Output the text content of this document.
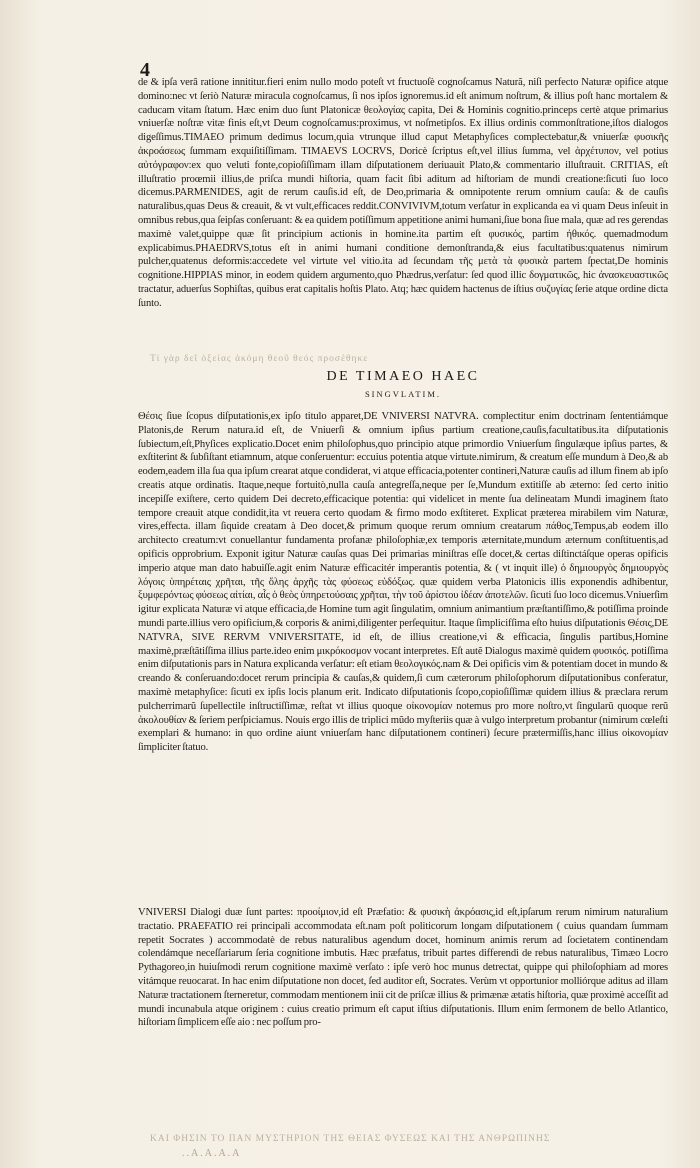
4

de & ipſa verâ ratione innititur.fieri enim nullo modo poteſt vt fructuoſè cognoſcamus Naturã, niſi perfecto Naturæ opifice atque domino:nec vt ſeriò Naturæ miracula cognoſcamus, ſi nos ipſos ignoremus.id eſt animum noſtrum, & illius poſt hanc mortalem & caducam vitam ſtatum. Hæc enim duo ſunt Platonicæ θεολογίας capita, Dei & Hominis cognitio.princeps certè atque primarius vniuerſæ noſtræ vitæ finis eſt,vt Deum cognoſcamus:proximus, vt noſmetipſos. Ex illius ordinis commonſtratione,iſtos dialogos digeſſimus.TIMAEO primum dedimus locum,quia vtrunque illud caput Metaphyſices complectebatur,& vniuerſæ φυσικῆς ἀκροάσεως ſummam exquiſitiſſimam. TIMAEVS LOCRVS, Doricè ſcriptus eſt,vel illius ſumma, vel ἀρχέτυπον, vel potius αὐτόγραφον:ex quo veluti fonte,copioſiſſimam illam diſputationem deriuauit Plato,& commentario illuſtrauit. CRITIAS, eſt illuſtratio proœmii illius,de priſca mundi hiſtoria, quam facit ſibi aditum ad hiſtoriam de mundi creatione:ſicuti ſuo loco dicemus.PARMENIDES, agit de rerum cauſis.id eſt, de Deo,primaria & omnipotente rerum omnium cauſa: & de cauſis naturalibus,quas Deus & creauit, & vt vult,efficaces reddit.CONVIVIVM,totum verſatur in explicanda ea vi quam Deus inſeuit in omnibus rebus,qua ſeipſas conſeruant: & ea quidem potiſſimum appetitione animi humani,ſiue bona ſiue mala, quæ ad res gerendas maximè valet,quippe quæ ſit principium actionis in homine.ita partim eſt φυσικός, partim ἠθικός. quemadmodum explicabimus.PHAEDRVS,totus eſt in animi humani conditione demonſtranda,& eius facultatibus:quatenus nimirum pulcher,quatenus deformis:accedete vel virtute vel vitio.ita ad ſecundam τῆς μετὰ τὰ φυσικὰ partem ſpectat,De hominis cognitione.HIPPIAS minor, in eodem quidem argumento,quo Phædrus,verſatur: ſed quod illic δογματικῶς, hic ἀνασκευαστικῶς tractatur, aduerſus Sophiſtas, quibus erat capitalis hoſtis Plato. Atq; hæc quidem hactenus de iſtius συζυγίας ſerie atque ordine dicta ſunto.

Τί γὰρ δεῖ ὀξείας ἀκόμη θεοῦ θεός προσέθηκε

DE TIMAEO HAEC

SINGVLATIM.

Θέσις ſiue ſcopus diſputationis,ex ipſo titulo apparet,DE VNIVERSI NATVRA. complectitur enim doctrinam ſententiámque Platonis,de Rerum natura.id eſt, de Vniuerſi & omnium ipſius partium creatione,cauſis,facultatibus.ita diſputationis ſubiectum,eſt,Phyſices explicatio.Docet enim philoſophus,quo principio atque primordio Vniuerſum ſingulæque ipſius partes, & exſtiterint & ſubſiſtant etiamnum, atque conſeruentur: eccuius potentia atque virtute.nimirum, & creatum eſſe mundum à Deo,& ab eodem,eadem illa ſua qua ipſum crearat atque condiderat, vi atque efficacia,potenter contineri,Naturæ cauſis ad illum finem ab ipſo creatis atque ordinatis. Itaque,neque fortuitò,nulla cauſa antegreſſa,neque per ſe,Mundum extitiſſe ab æterno: ſed certo initio incepiſſe exiſtere, certo quidem Dei decreto,efficacique potentia: qui videlicet in mente ſua delineatam Mundi imaginem ſtato tempore creauit atque condidit,ita vt reuera certo quodam & firmo modo exſtiteret. Explicat præterea mirabilem vim Naturæ, vires,effecta. illam ſiquide creatam à Deo docet,& primum quoque rerum omnium creatarum πάθος,Tempus,ab eodem illo architecto creatum:vt conuellantur fundamenta profanæ philoſophiæ,ex temporis æternitate,mundum æternum conſtituentis,ad opificis opprobrium. Exponit igitur Naturæ cauſas quas Dei primarias miniſtras eſſe docet,& certas diſtinctáſque operas opificis imperio atque man dato habuiſſe.agit enim Naturæ efficacitér imperantis potentia, & ( vt inquit ille) ὁ δημιουργὸς δημιουργὸς λόγοις ὑπηρέταις χρῆται, τῆς ὅλης ἀρχῆς τὰς φύσεως εὐδόξως. quæ quidem verba Platonicis illis exponendis adhibentur, ξυμφερόντως φύσεως αἰτίαι, αἷς ὁ θεὸς ὑπηρετούσαις χρῆται, τὴν τοῦ ἀρίστου ἰδέαν ἀποτελῶν. ſicuti ſuo loco dicemus.Vniuerſim igitur explicata Naturæ vi atque efficacia,de Homine tum agit ſingulatim, omnium animantium præſtantiſſimo,& potiſſima proinde mundi parte.illius vero opificium,& corporis & animi,diligenter perſequitur. Itaque ſimplicifſima eſto huius diſputationis Θέσις,DE NATVRA, SIVE RERVM VNIVERSITATE, id eſt, de illius creatione,vi & efficacia, ſingulis partibus,Homine maximè,præſtãtiſſima illius parte.ideo enim μικρόκοσμον vocant interpretes. Eſt autẽ Dialogus maximè quidem φυσικός. potiſſima enim diſputationis pars in Natura explicanda verſatur: eſt etiam θεολογικός.nam & Dei opificis vim & potentiam docet in mundo & creando & conſeruando:docet rerum principia & cauſas,& quidem,ſi cum cæterorum philoſophorum diſputationibus conferatur, maximè metaphyſice: ſicuti ex ipſis locis planum erit. Indicato diſputationis ſcopo,copioſiſſimæ quidem illius & præclara rerum pulcherrimarũ ſupellectile inſtructiſſimæ, reſtat vt illius quoque οἰκονομίαν notemus pro more noſtro,vt ſingularũ quoque rerũ ἀκολουθίαν & ſeriem perſpiciamus. Nouis ergo illis de triplici mũdo myſteriis quæ à vulgo interpretum probantur (nimirum cœleſti exemplari & humano: in quo ordine aiunt vniuerſam hanc diſputationem contineri) ſecure prætermiſſis,hanc illius οἰκονομίαν ſimpliciter ſtatuo.

VNIVERSI Dialogi duæ ſunt partes: προοίμιον,id eſt Præfatio: & φυσικὴ ἀκρόασις,id eſt,ipſarum rerum nimirum naturalium tractatio. PRAEFATIO rei principali accommodata eſt.nam poſt politicorum longam diſputationem ( cuius quandam ſummam repetit Socrates ) accommodatè de rebus naturalibus agendum docet, hominum animis rerum ad ſocietatem continendam colendámque neceſſariarum ſeria cognitione imbutis. Hæc præfatus, tribuit partes differendi de rebus naturalibus, Timæo Locro Pythagoreo,in huiuſmodi rerum cognitione maximè verſato : ipſe verò hoc munus detrectat, quippe qui philoſophiam ad mores vitámque reuocarat. In hac enim diſputatione non docet, ſed auditor eſt, Socrates. Verùm vt opportunior molliórque aditus ad illam Naturæ tractationem ſterneretur, commodam mentionem inii cit de priſcæ illius & primænæ ætatis hiſtoria, quæ proximè acceſſit ad mundi incunabula atque originem : cuius creatio primum eſt caput iſtius diſputationis. Illum enim ſermonem de bello Atlantico, hiſtoriam ſimplicem eſſe aio : nec poſſum pro-

ΚΑΙ ΦΗΣΙΝ ΤΟ ΠΑΝ ΜΥΣΤΗΡΙΟΝ ΤΗΣ ΘΕΙΑΣ ΦΥΣΕΩΣ ΚΑΙ ΤΗΣ ΑΝΘΡΩΠΙΝΗΣ
..A.A.A.A
